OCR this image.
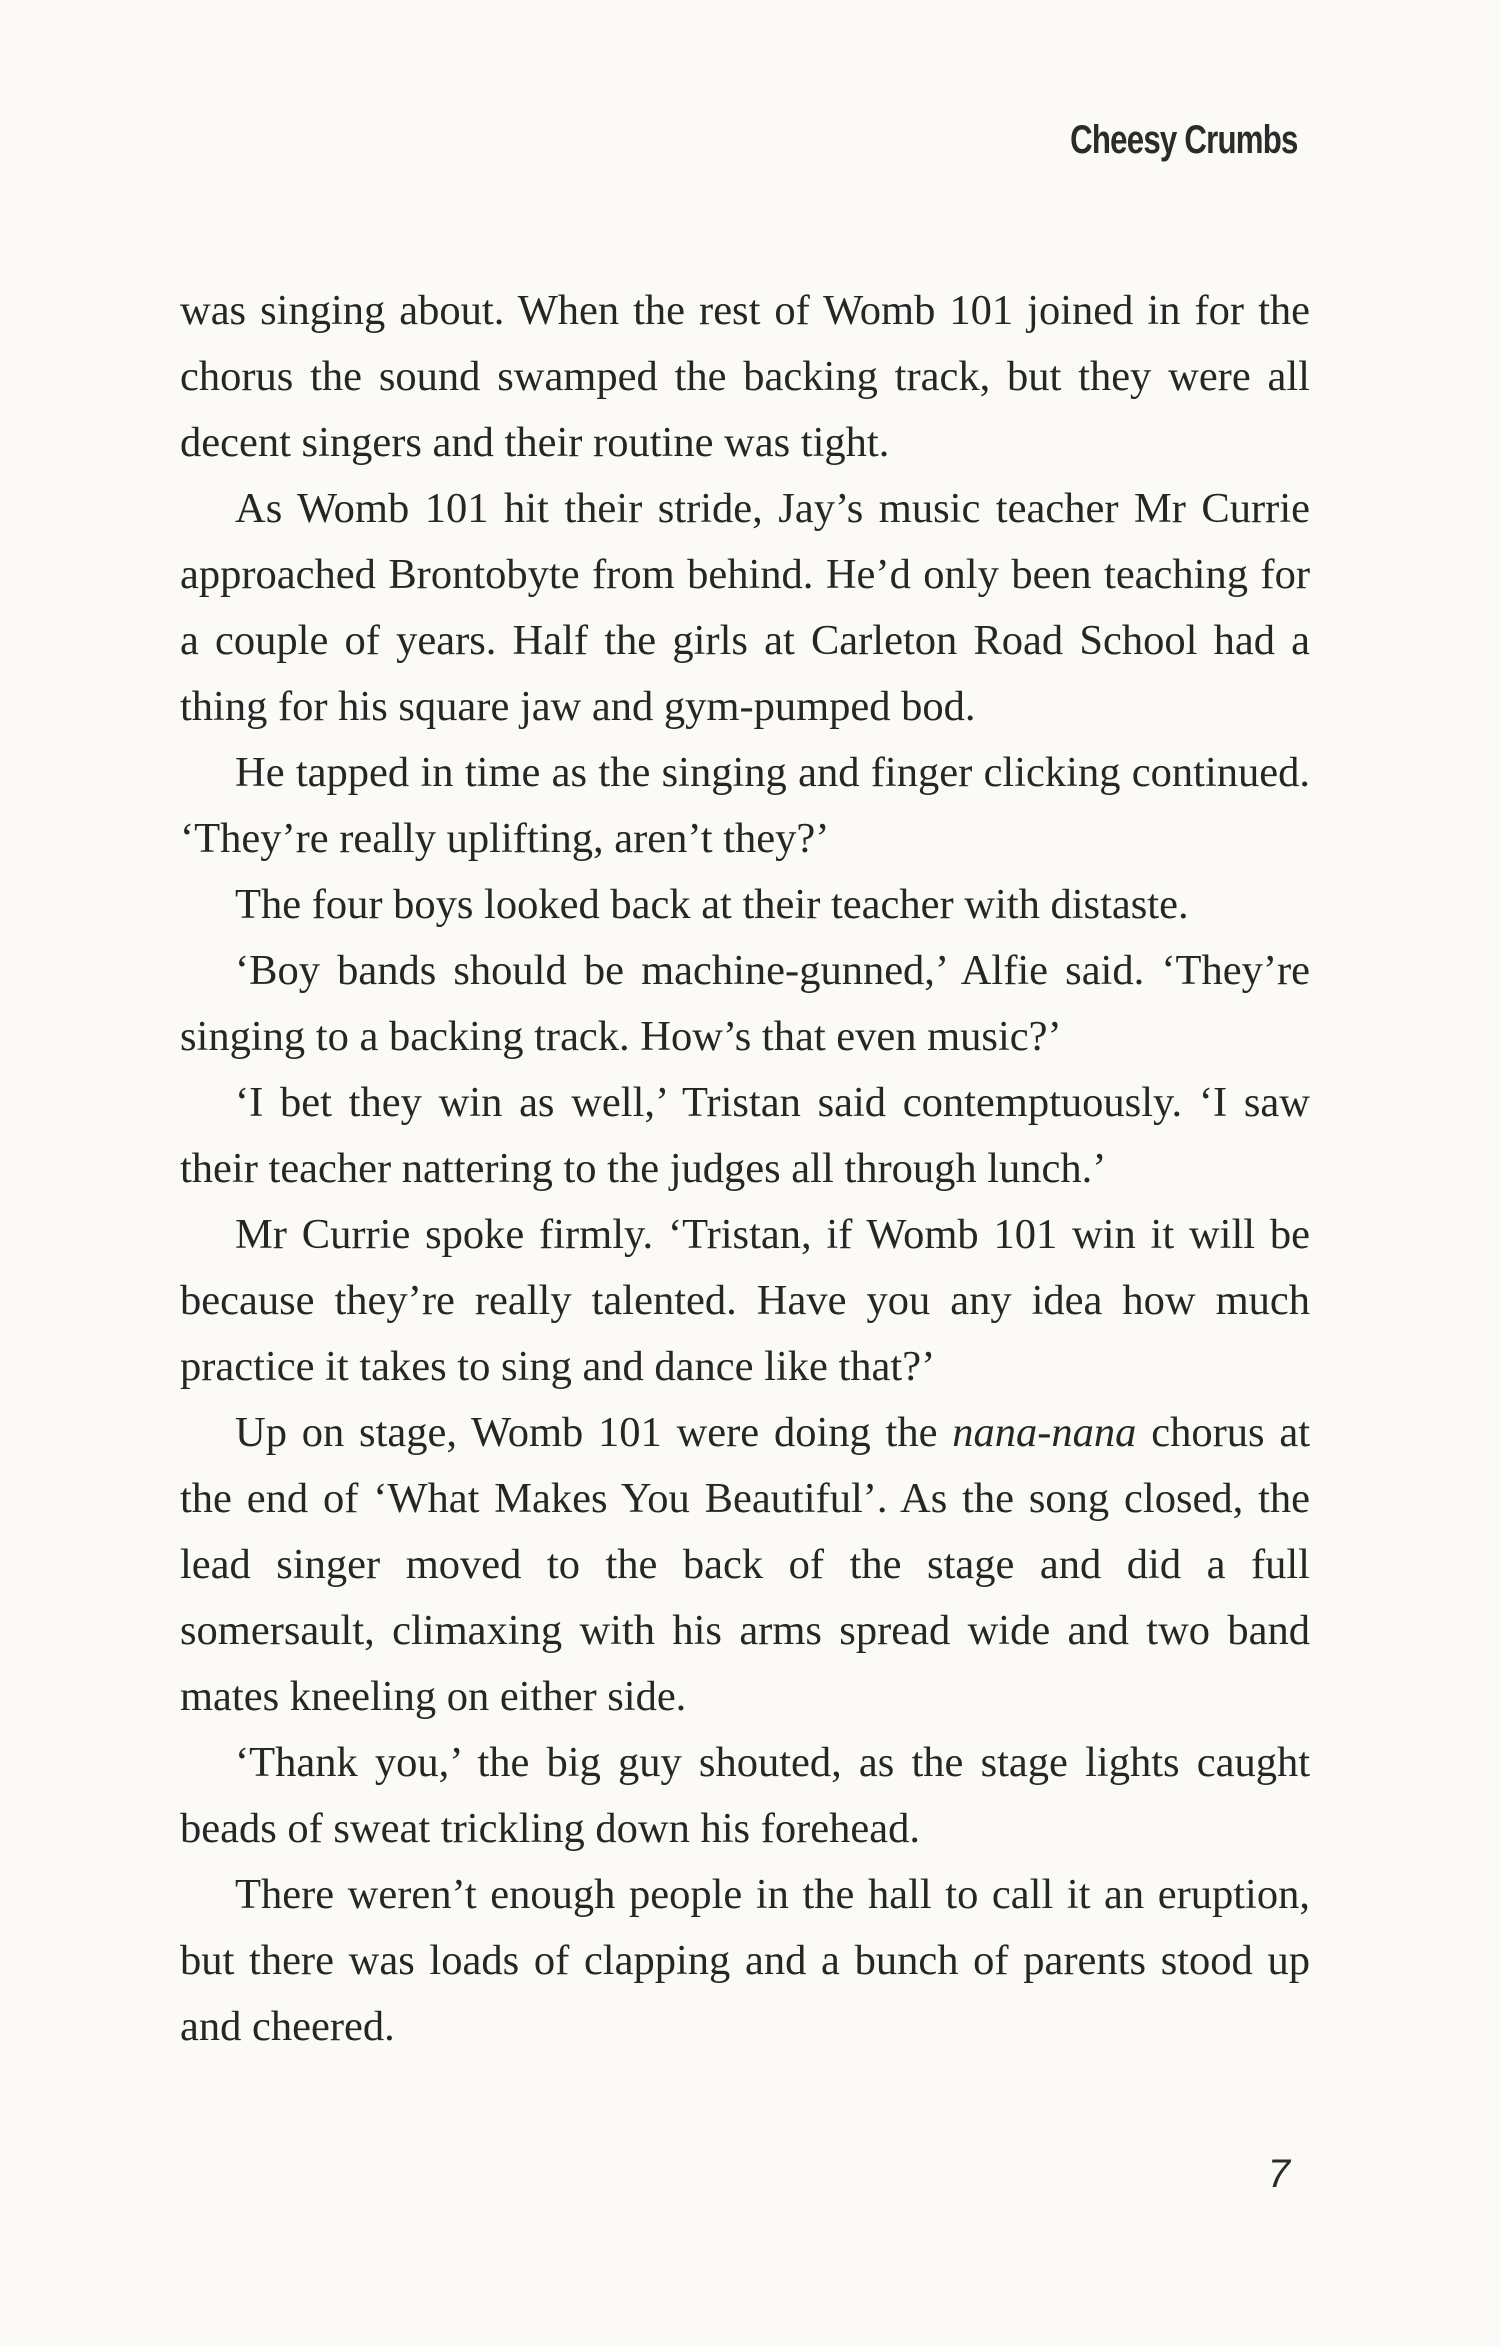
Cheesy Crumbs

was singing about. When the rest of Womb 101 joined in for the chorus the sound swamped the backing track, but they were all decent singers and their routine was tight.

As Womb 101 hit their stride, Jay’s music teacher Mr Currie approached Brontobyte from behind. He’d only been teaching for a couple of years. Half the girls at Carleton Road School had a thing for his square jaw and gym-pumped bod.

He tapped in time as the singing and finger clicking continued. ‘They’re really uplifting, aren’t they?’

The four boys looked back at their teacher with distaste.

‘Boy bands should be machine-gunned,’ Alfie said. ‘They’re singing to a backing track. How’s that even music?’

‘I bet they win as well,’ Tristan said contemptuously. ‘I saw their teacher nattering to the judges all through lunch.’

Mr Currie spoke firmly. ‘Tristan, if Womb 101 win it will be because they’re really talented. Have you any idea how much practice it takes to sing and dance like that?’

Up on stage, Womb 101 were doing the nana-nana chorus at the end of ‘What Makes You Beautiful’. As the song closed, the lead singer moved to the back of the stage and did a full somersault, climaxing with his arms spread wide and two band mates kneeling on either side.

‘Thank you,’ the big guy shouted, as the stage lights caught beads of sweat trickling down his forehead.

There weren’t enough people in the hall to call it an eruption, but there was loads of clapping and a bunch of parents stood up and cheered.

7
